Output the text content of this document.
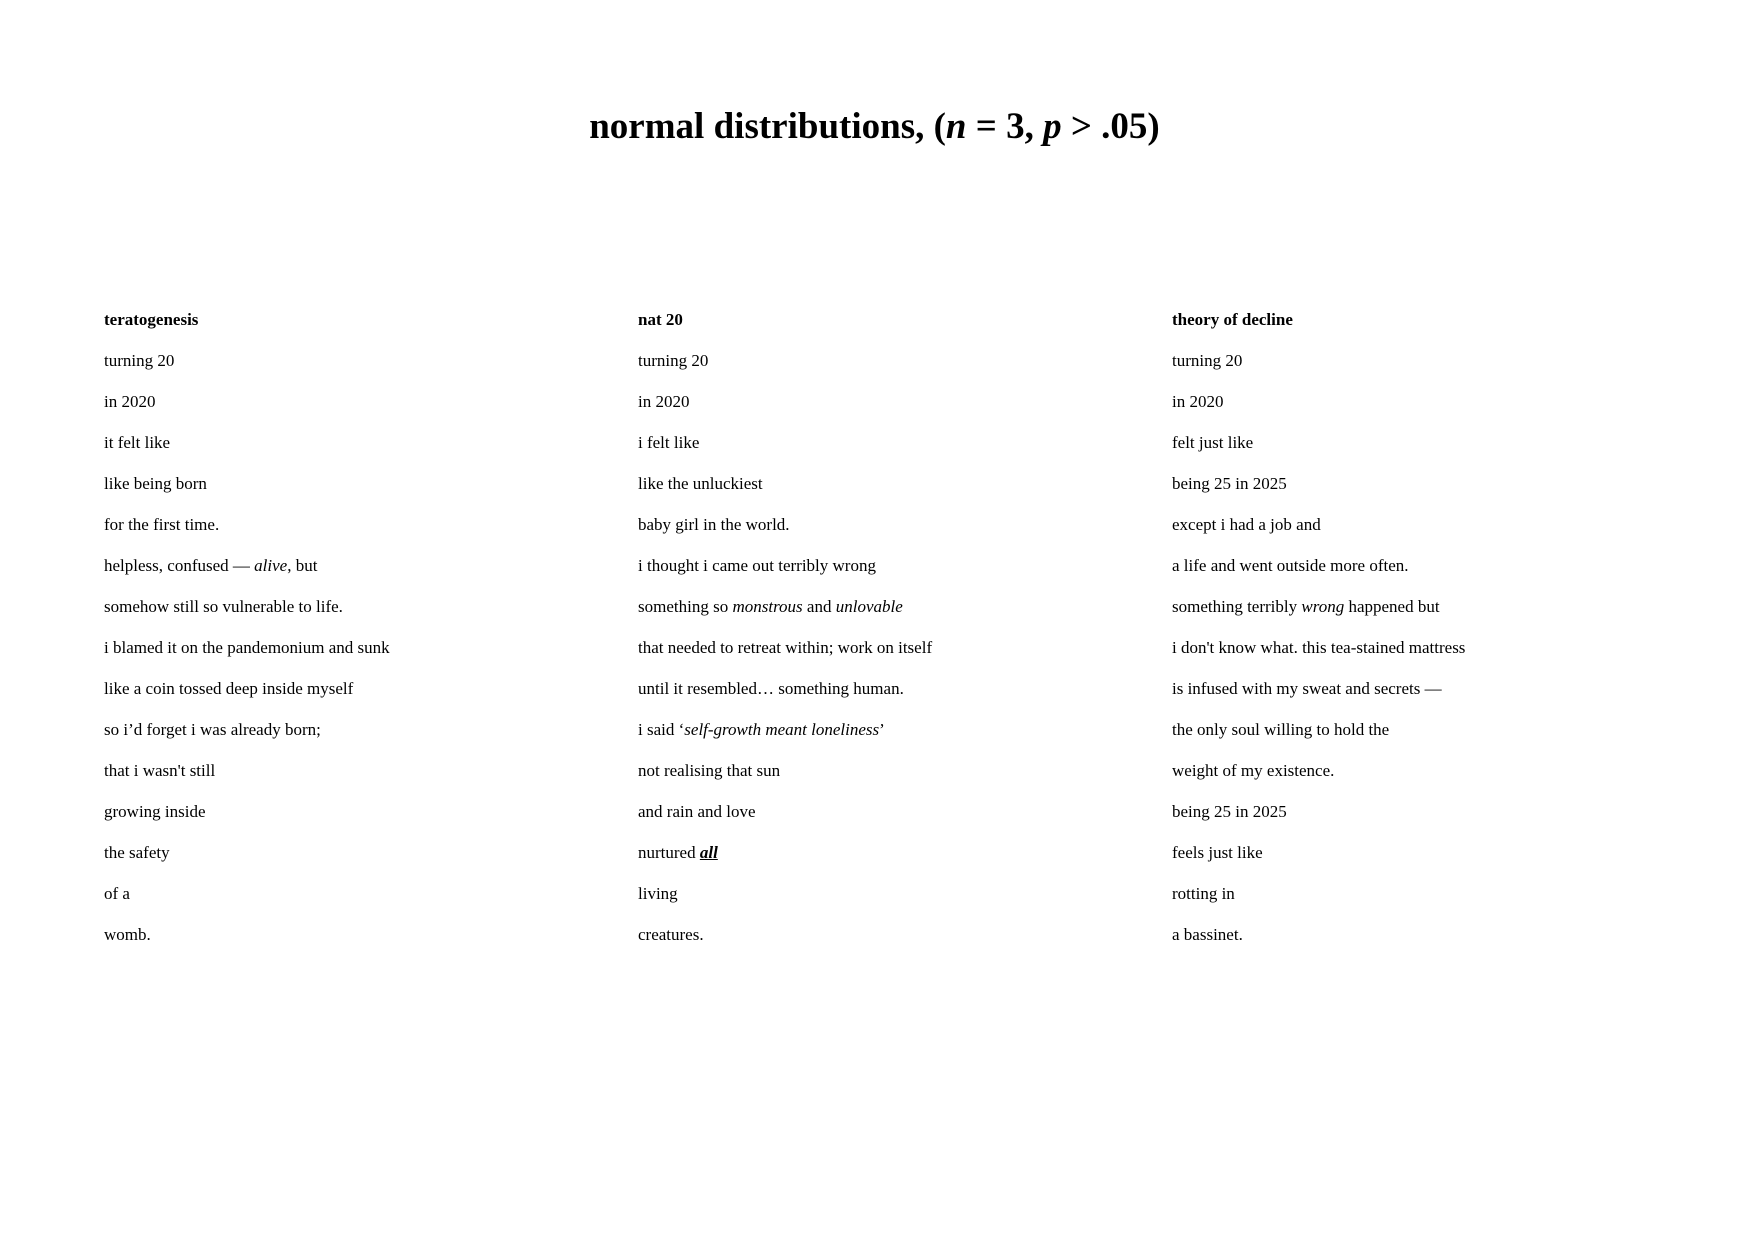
normal distributions, (n = 3, p > .05)
teratogenesis
turning 20
in 2020
it felt like
like being born
for the first time.
helpless, confused — alive, but
somehow still so vulnerable to life.
i blamed it on the pandemonium and sunk
like a coin tossed deep inside myself
so i’d forget i was already born;
that i wasn't still
growing inside
the safety
of a
womb.
nat 20
turning 20
in 2020
i felt like
like the unluckiest
baby girl in the world.
i thought i came out terribly wrong
something so monstrous and unlovable
that needed to retreat within; work on itself
until it resembled… something human.
i said ‘self-growth meant loneliness’
not realising that sun
and rain and love
nurtured all
living
creatures.
theory of decline
turning 20
in 2020
felt just like
being 25 in 2025
except i had a job and
a life and went outside more often.
something terribly wrong happened but
i don't know what. this tea-stained mattress
is infused with my sweat and secrets —
the only soul willing to hold the
weight of my existence.
being 25 in 2025
feels just like
rotting in
a bassinet.
